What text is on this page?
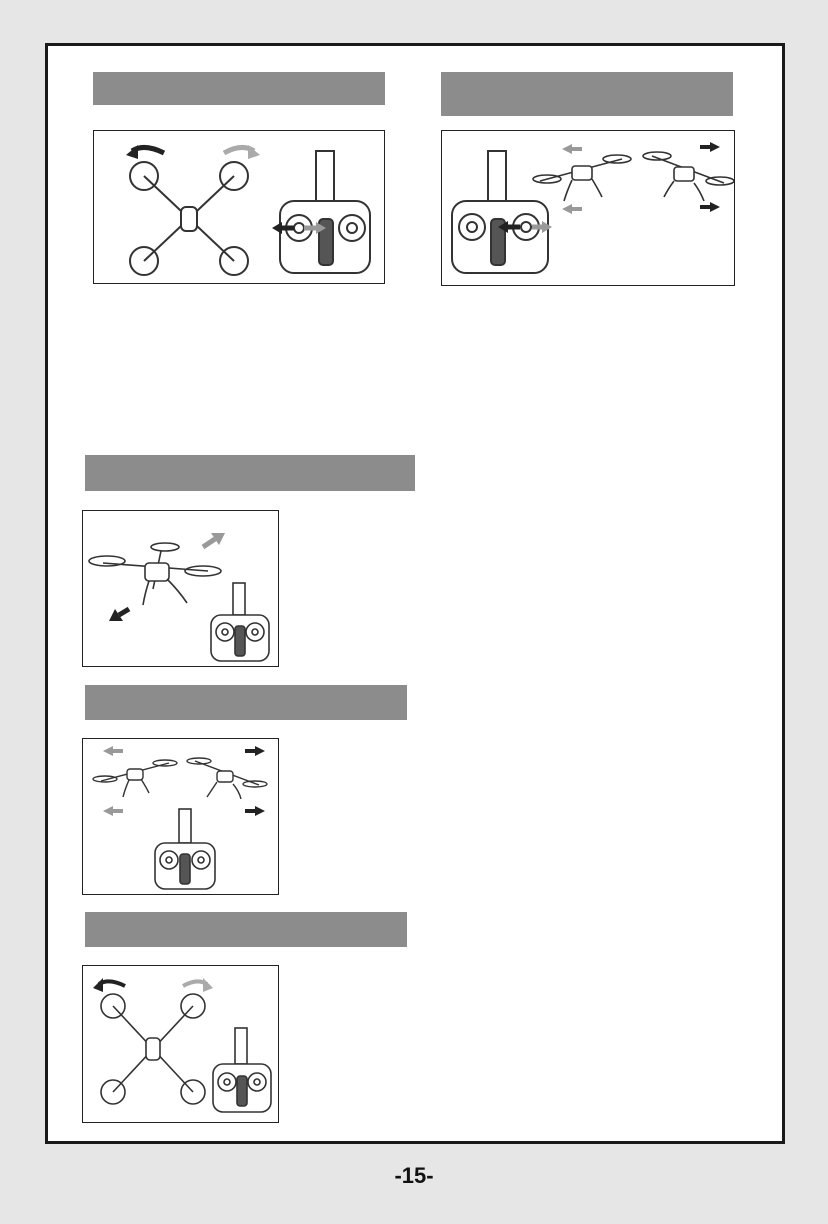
-15-
